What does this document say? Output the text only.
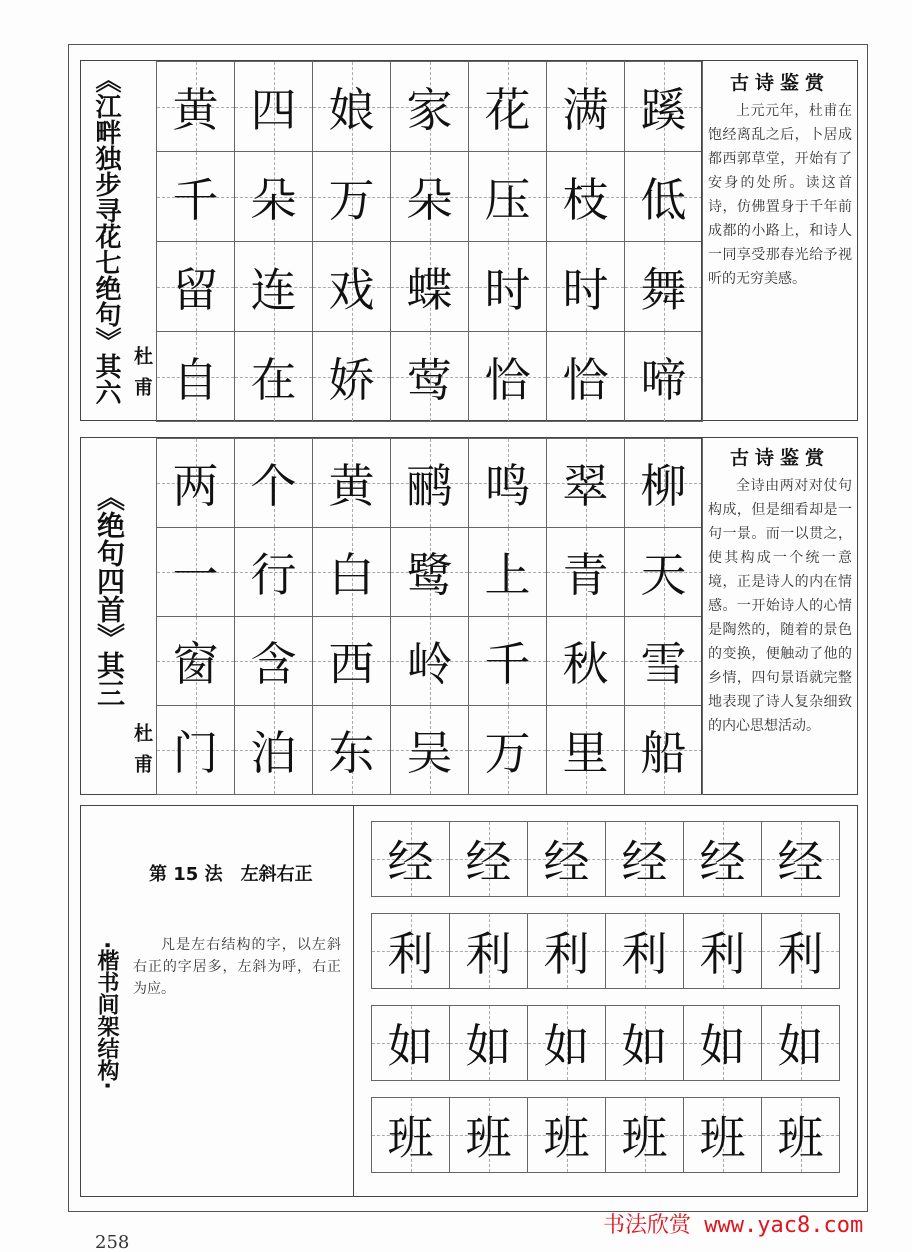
《江畔独步寻花七绝句》其六 杜甫
黄 四 娘 家 花 满 蹊
千 朵 万 朵 压 枝 低
留 连 戏 蝶 时 时 舞
自 在 娇 莺 恰 恰 啼
古诗鉴赏

上元元年，杜甫在饱经离乱之后，卜居成都西郭草堂，开始有了安身的处所。读这首诗，仿佛置身于千年前成都的小路上，和诗人一同享受那春光给予视听的无穷美感。

《绝句四首》其三
杜甫
两 个 黄 鹂 鸣 翠 柳
一 行 白 鹭 上 青 天
窗 含 西 岭 千 秋 雪
门 泊 东 吴 万 里 船
古诗鉴赏

全诗由两对对仗句构成，但是细看却是一句一景。而一以贯之，使其构成一个统一意境，正是诗人的内在情感。一开始诗人的心情是陶然的，随着的景色的变换，便触动了他的乡情，四句景语就完整地表现了诗人复杂细致的内心思想活动。

·楷书间架结构·
第 15 法　左斜右正

凡是左右结构的字，以左斜右正的字居多，左斜为呼，右正为应。

经 经 经 经 经 经
利 利 利 利 利 利
如 如 如 如 如 如
班 班 班 班 班 班
258
书法欣赏 www.yac8.com
